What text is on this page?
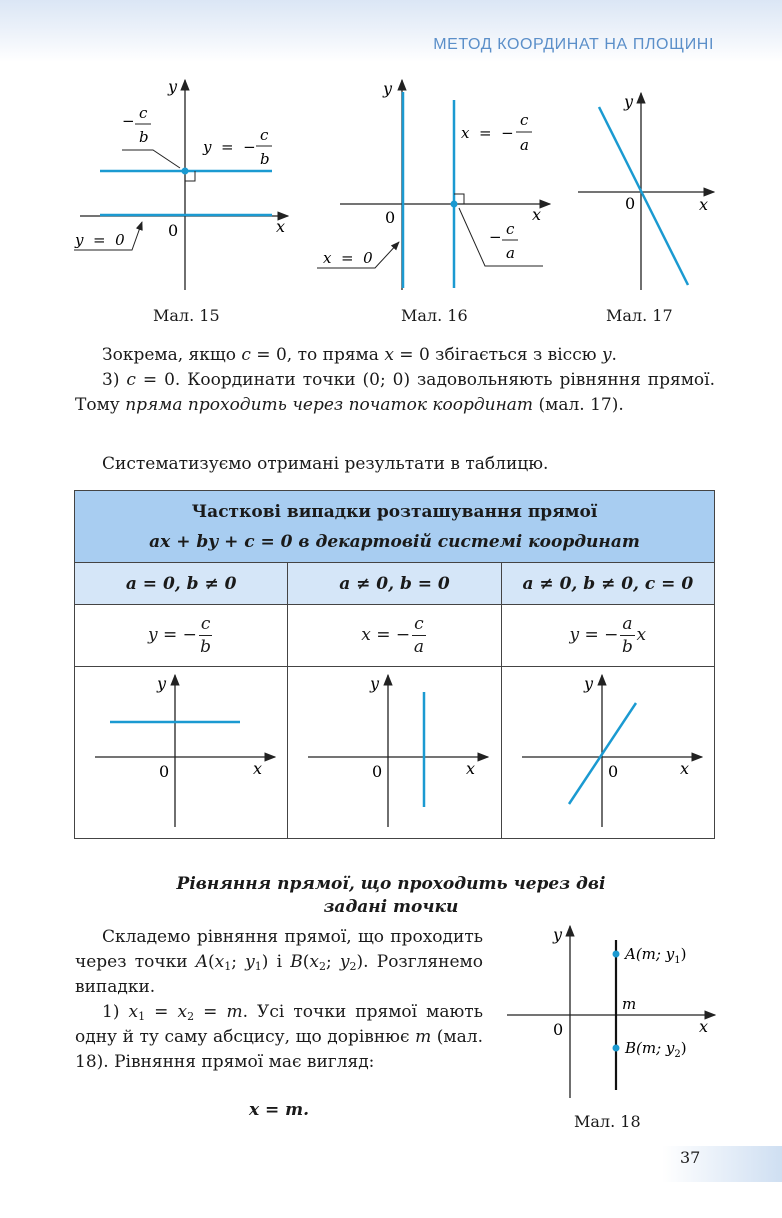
МЕТОД КООРДИНАТ НА ПЛОЩИНІ
y
x
0
− c
b
y  =  −
c
b
y  =  0
Мал. 15
y
x
0
x  =  −
c
a
− c
a
x  =  0
Мал. 16
y
x
0
Мал. 17

Зокрема, якщо c = 0, то пряма x = 0 збігається з віссю y.

3) c = 0. Координати точки (0; 0) задовольняють рівняння прямої. Тому пряма проходить через початок координат (мал. 17).

Систематизуємо отримані результати в таблицю.

Часткові випадки розташування прямої
ax + by + c = 0 в декартовій системі координат		

a = 0, b ≠ 0	a ≠ 0, b = 0	a ≠ 0, b ≠ 0, c = 0
y = − $\frac{c}{b}$	x = − $\frac{c}{a}$	y = − $\frac{a}{b}$ x

y
x
0	y
x
0	y
x
0
Рівняння прямої, що проходить через дві
задані точки

Складемо рівняння прямої, що проходить через точки $A(x_1$; $y_1$) і $B(x_2$; $y_2$). Розглянемо випадки.

1) $x_1 = x_2 = m$. Усі точки прямої мають одну й ту саму абсцису, що дорівнює m (мал. 18). Рівняння прямої має вигляд:

x = m.
y
x
0
m
A(m; $y_1$)
B(m; $y_2$)
Мал. 18
37
